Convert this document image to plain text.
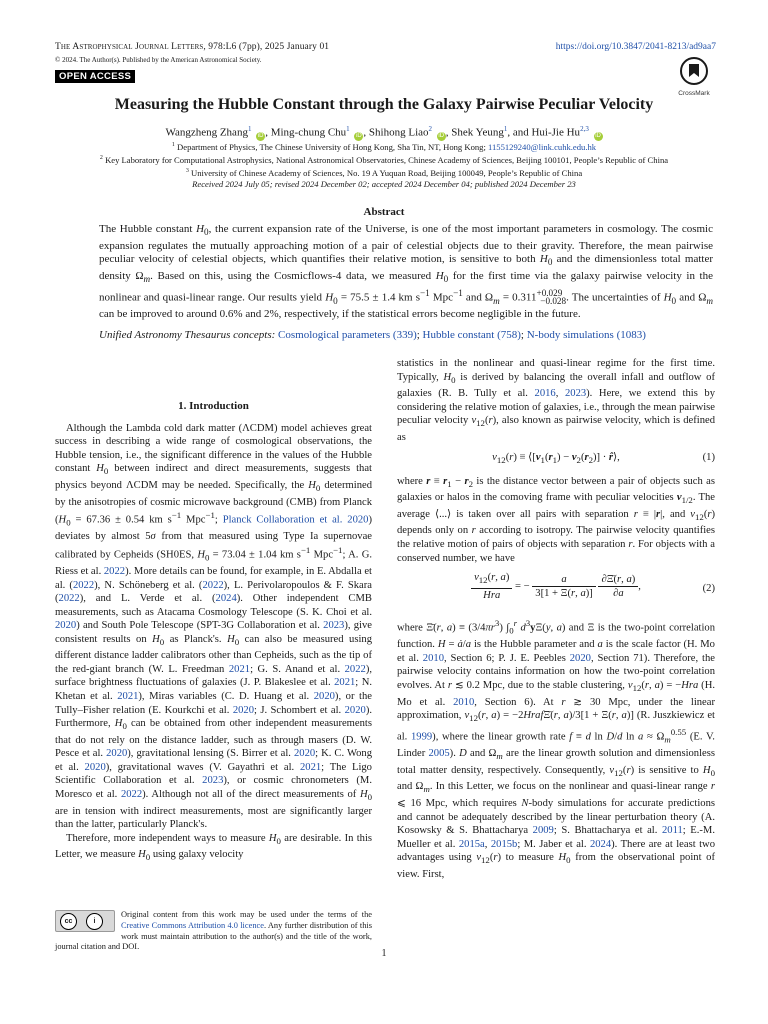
The Astrophysical Journal Letters, 978:L6 (7pp), 2025 January 01	https://doi.org/10.3847/2041-8213/ad9aa7
© 2024. The Author(s). Published by the American Astronomical Society.
OPEN ACCESS
CrossMark
Measuring the Hubble Constant through the Galaxy Pairwise Peculiar Velocity
Wangzheng Zhang$^1$ iD , Ming-chung Chu$^1$ iD , Shihong Liao$^2$ iD , Shek Yeung$^1$, and Hui-Jie Hu$^{2,3}$ iD
$^1$ Department of Physics, The Chinese University of Hong Kong, Sha Tin, NT, Hong Kong; 1155129240@link.cuhk.edu.hk
$^2$ Key Laboratory for Computational Astrophysics, National Astronomical Observatories, Chinese Academy of Sciences, Beijing 100101, People’s Republic of China
$^3$ University of Chinese Academy of Sciences, No. 19 A Yuquan Road, Beijing 100049, People’s Republic of China
Received 2024 July 05; revised 2024 December 02; accepted 2024 December 04; published 2024 December 23
Abstract
The Hubble constant $H_0$, the current expansion rate of the Universe, is one of the most important parameters in cosmology. The cosmic expansion regulates the mutually approaching motion of a pair of celestial objects due to their gravity. Therefore, the mean pairwise peculiar velocity of celestial objects, which quantifies their relative motion, is sensitive to both $H_0$ and the dimensionless total matter density $\Omega_m$. Based on this, using the Cosmicflows-4 data, we measured $H_0$ for the first time via the galaxy pairwise velocity in the nonlinear and quasi-linear range. Our results yield $H_0 = 75.5 \pm 1.4$ km $s^{-1}$ Mpc$^{-1}$ and $\Omega_m = 0.311^{+0.029}_{-0.028}$. The uncertainties of $H_0$ and $\Omega_m$ can be improved to around 0.6% and 2%, respectively, if the statistical errors become negligible in the future.
Unified Astronomy Thesaurus concepts: Cosmological parameters (339); Hubble constant (758); N-body simulations (1083)
1. Introduction

Although the Lambda cold dark matter (ΛCDM) model achieves great success in describing a wide range of cosmological observations, the Hubble tension, i.e., the significant difference in the values of the Hubble constant $H_0$ between indirect and direct measurements, suggests that physics beyond ΛCDM may be needed. Specifically, the $H_0$ determined by the anisotropies of cosmic microwave background (CMB) from Planck ($H_0 = 67.36 \pm 0.54$ km $s^{-1}$ Mpc$^{-1}$; Planck Collaboration et al. 2020) deviates by almost 5σ from that measured using Type Ia supernovae calibrated by Cepheids (SH0ES, $H_0 = 73.04 \pm 1.04$ km $s^{-1}$ Mpc$^{-1}$; A. G. Riess et al. 2022). More details can be found, for example, in E. Abdalla et al. (2022), N. Schöneberg et al. (2022), L. Perivolaropoulos & F. Skara (2022), and L. Verde et al. (2024). Other independent CMB measurements, such as Atacama Cosmology Telescope (S. K. Choi et al. 2020) and South Pole Telescope (SPT-3G Collaboration et al. 2023), give consistent results on $H_0$ as Planck's. $H_0$ can also be measured using different distance ladder calibrators other than Cepheids, such as the tip of the red-giant branch (W. L. Freedman 2021; G. S. Anand et al. 2022), surface brightness fluctuations of galaxies (J. P. Blakeslee et al. 2021; N. Khetan et al. 2021), Miras variables (C. D. Huang et al. 2020), or the Tully–Fisher relation (E. Kourkchi et al. 2020; J. Schombert et al. 2020). Furthermore, $H_0$ can be obtained from other independent measurements that do not rely on the distance ladder, such as through masers (D. W. Pesce et al. 2020), gravitational lensing (S. Birrer et al. 2020; K. C. Wong et al. 2020), gravitational waves (V. Gayathri et al. 2021; The Ligo Scientific Collaboration et al. 2023), or cosmic chronometers (M. Moresco et al. 2022). Although not all of the direct measurements of $H_0$ are in tension with indirect measurements, most are significantly larger than the latter, particularly Planck's.

Therefore, more independent ways to measure $H_0$ are desirable. In this Letter, we measure $H_0$ using galaxy velocity

cc	i
Original content from this work may be used under the terms of the Creative Commons Attribution 4.0 licence. Any further distribution of this work must maintain attribution to the author(s) and the title of the work, journal citation and DOI.

statistics in the nonlinear and quasi-linear regime for the first time. Typically, $H_0$ is derived by balancing the overall infall and outflow of galaxies (R. B. Tully et al. 2016, 2023). Here, we extend this by considering the relative motion of galaxies, i.e., through the mean pairwise peculiar velocity $v_{12}(r)$, also known as pairwise velocity, which is defined as

$v_{12}(r)$ ≡ $⟨[v_1(r_1) - v_2(r_2)]$ · r̂⟩,	(1)

where $r \equiv r_1 - r_2$ is the distance vector between a pair of objects such as galaxies or halos in the comoving frame with peculiar velocities $v_{1/2}$. The average ⟨...⟩ is taken over all pairs with separation r ≡ |r|, and $v_{12}(r)$ depends only on r according to isotropy. The pairwise velocity quantifies the relative motion of pairs of objects with separation r. For objects with a conserved number, we have

$\frac{v_{12}(r, a)}{\text{Hra}}$ = − $\frac{a}{3[1 + \Xi(r, a)]}$
$\frac{\partial\Xī(r, a)}{\partial a}$ ,	(2)

where Ξ̄(r, $a) \equiv (3/4\pi r^3)$ $\int_0^r$ $d^3y\Xi(y$, a) and Ξ is the two-point correlation function. H = ȧ/a is the Hubble parameter and a is the scale factor (H. Mo et al. 2010, Section 6; P. J. E. Peebles 2020, Section 71). Therefore, the pairwise velocity contains information on how the two-point correlation evolves. At r ≲ 0.2 Mpc, due to the stable clustering, $v_{12}(r$, a) = −Hra (H. Mo et al. 2010, Section 6). At r ≳ 30 Mpc, under the linear approximation, $v_{12}(r$, a) = −2HrafΞ̄(r, a)/3[1 + Ξ(r, a)] (R. Juszkiewicz et al. 1999), where the linear growth rate f ≡ d ln D/d $\ln a \approx \Omega_m^{0.55}$ (E. V. Linder 2005). D and $\Omega_m$ are the linear growth solution and dimensionless total matter density, respectively. Consequently, $v_{12}(r)$ is sensitive to $H_0$ and $\Omega_m$. In this Letter, we focus on the nonlinear and quasi-linear range r ⩽ 16 Mpc, which requires N-body simulations for accurate predictions and cannot be adequately described by the linear perturbation theory (A. Kosowsky & S. Bhattacharya 2009; S. Bhattacharya et al. 2011; E.-M. Mueller et al. 2015a, 2015b; M. Jaber et al. 2024). There are at least two advantages using $v_{12}(r)$ to measure $H_0$ from the observational point of view. First,

1
